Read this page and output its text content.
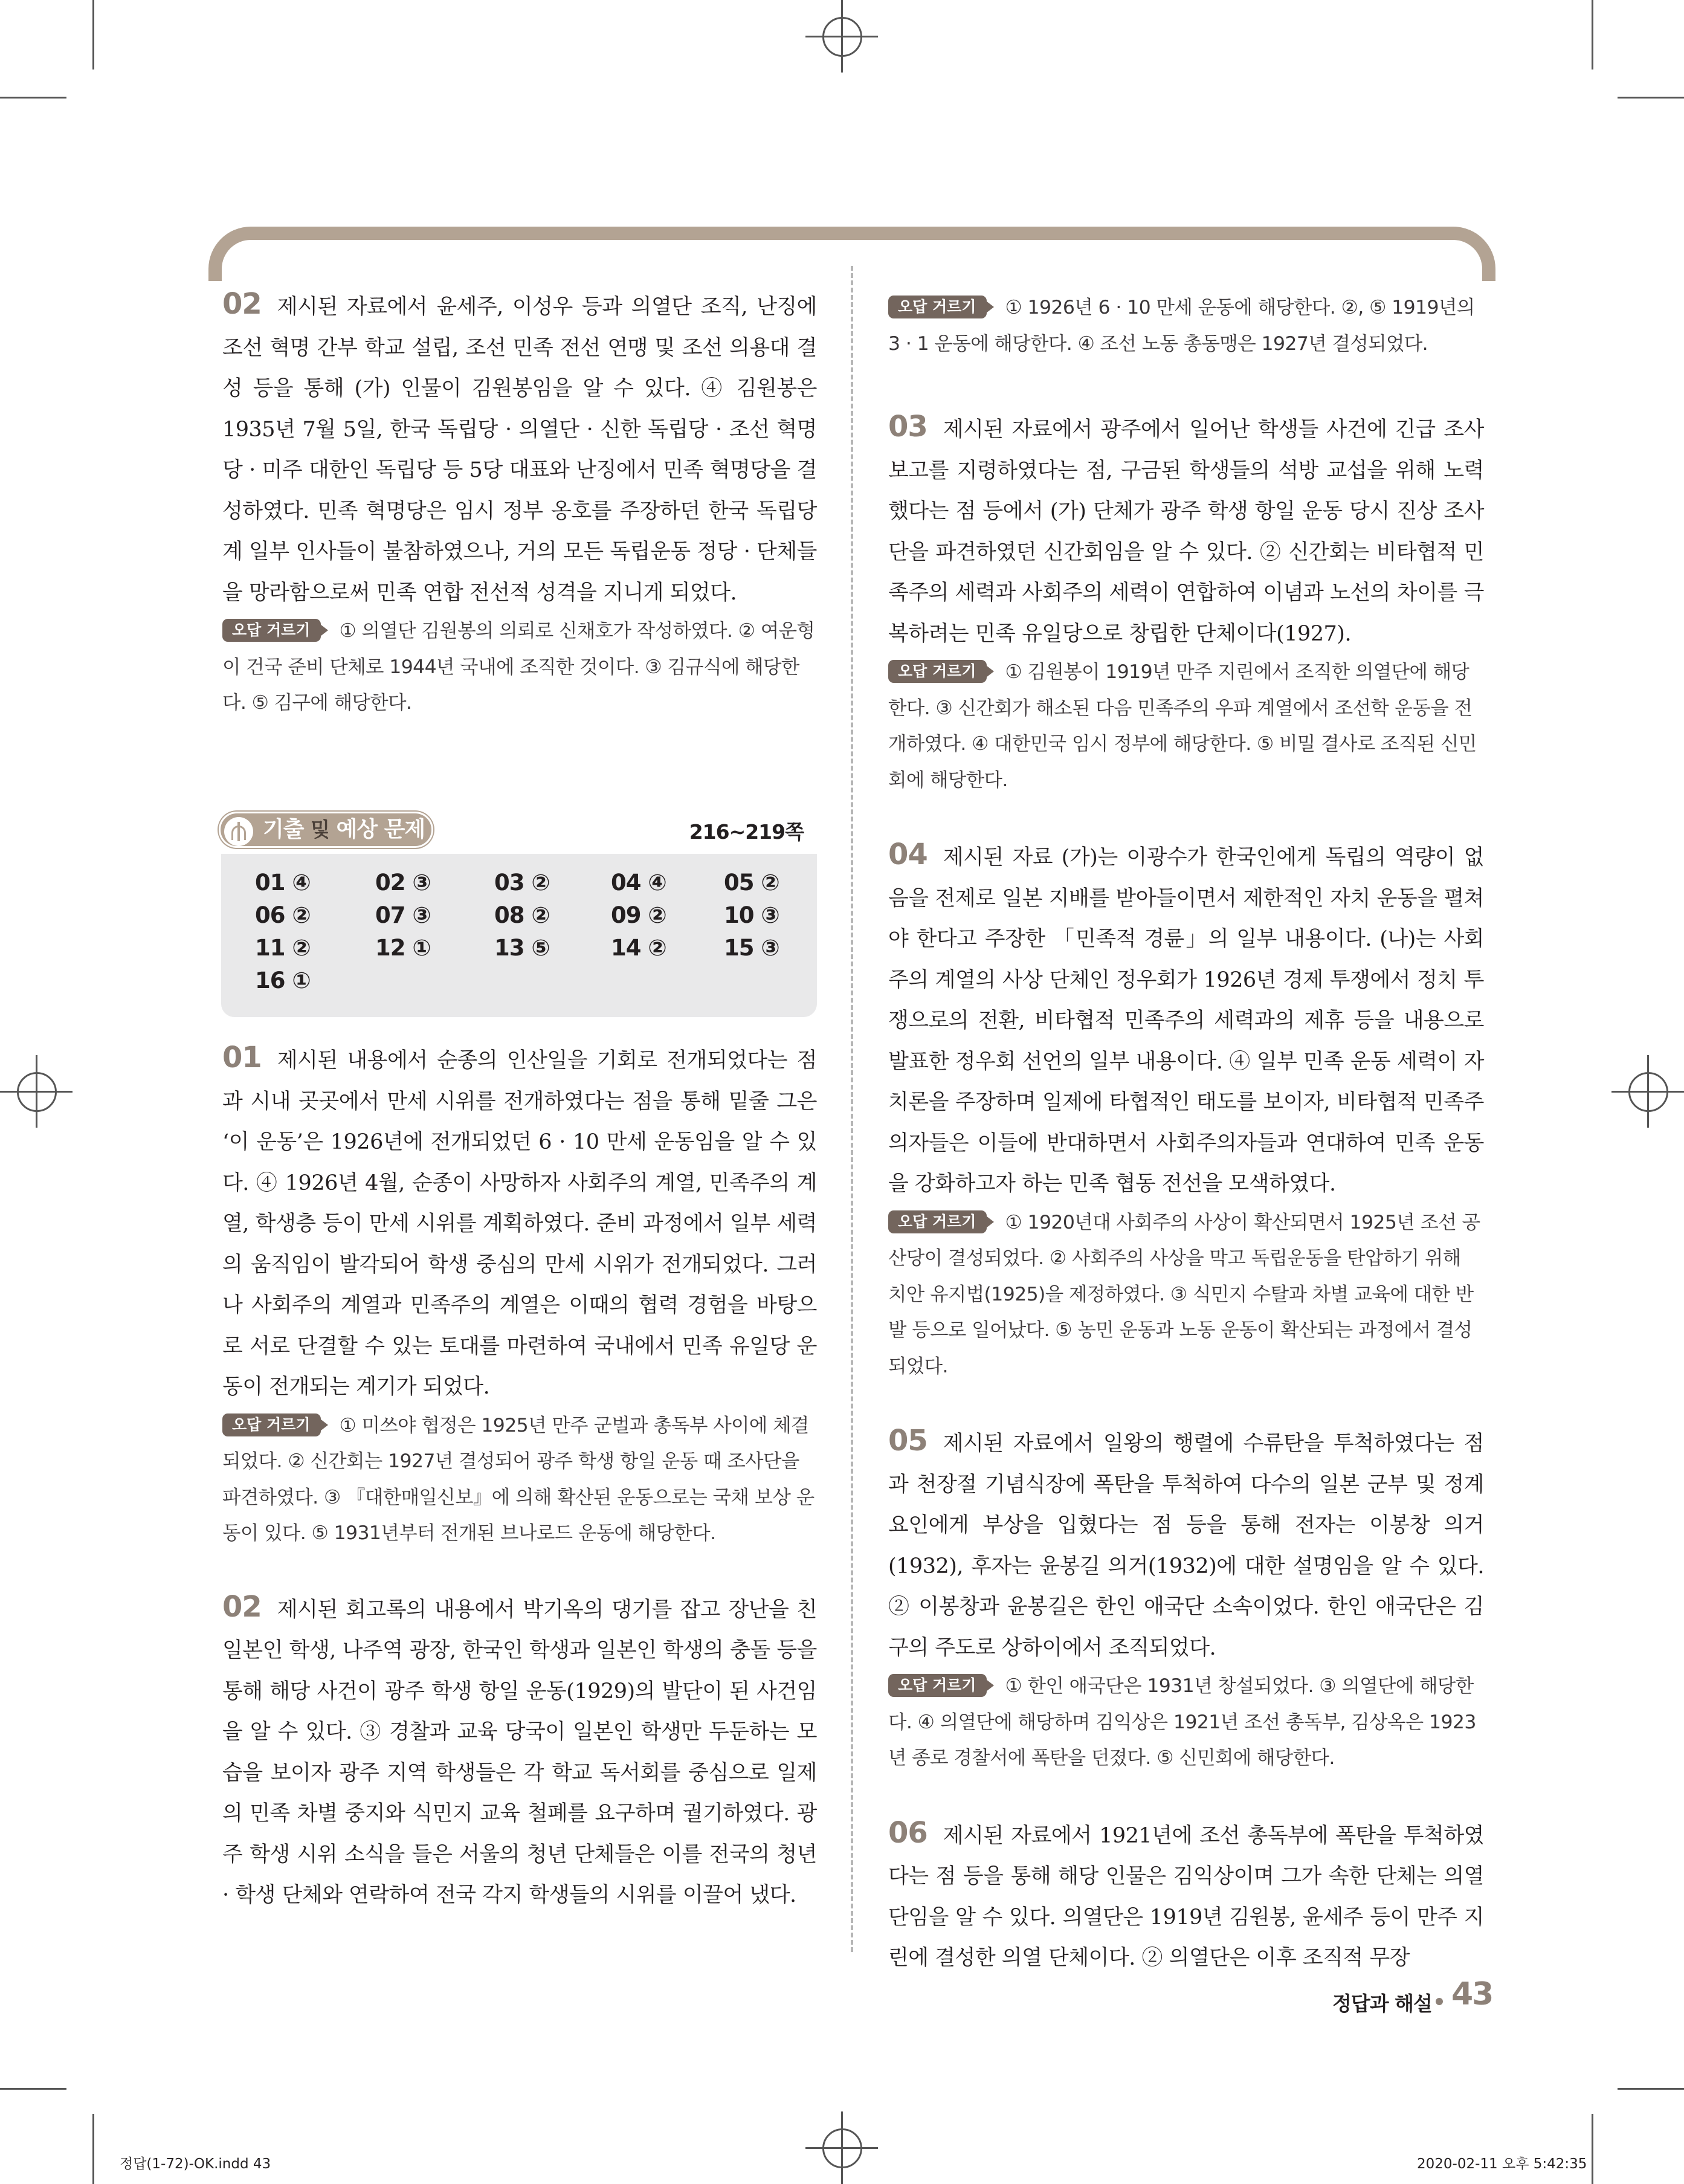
02 제시된 자료에서 윤세주, 이성우 등과 의열단 조직, 난징에 조선 혁명 간부 학교 설립, 조선 민족 전선 연맹 및 조선 의용대 결성 등을 통해 (가) 인물이 김원봉임을 알 수 있다. ④ 김원봉은 1935년 7월 5일, 한국 독립당 · 의열단 · 신한 독립당 · 조선 혁명당 · 미주 대한인 독립당 등 5당 대표와 난징에서 민족 혁명당을 결성하였다. 민족 혁명당은 임시 정부 옹호를 주장하던 한국 독립당계 일부 인사들이 불참하였으나, 거의 모든 독립운동 정당 · 단체들을 망라함으로써 민족 연합 전선적 성격을 지니게 되었다.

오답 거르기 ① 의열단 김원봉의 의뢰로 신채호가 작성하였다. ② 여운형이 건국 준비 단체로 1944년 국내에 조직한 것이다. ③ 김규식에 해당한다. ⑤ 김구에 해당한다.

기출 및 예상 문제	216~219쪽
01 ④	02 ③	03 ②	04 ④	05 ②
06 ②	07 ③	08 ②	09 ②	10 ③
11 ②	12 ①	13 ⑤	14 ②	15 ③
16 ①

01 제시된 내용에서 순종의 인산일을 기회로 전개되었다는 점과 시내 곳곳에서 만세 시위를 전개하였다는 점을 통해 밑줄 그은 ‘이 운동’은 1926년에 전개되었던 6 · 10 만세 운동임을 알 수 있다. ④ 1926년 4월, 순종이 사망하자 사회주의 계열, 민족주의 계열, 학생층 등이 만세 시위를 계획하였다. 준비 과정에서 일부 세력의 움직임이 발각되어 학생 중심의 만세 시위가 전개되었다. 그러나 사회주의 계열과 민족주의 계열은 이때의 협력 경험을 바탕으로 서로 단결할 수 있는 토대를 마련하여 국내에서 민족 유일당 운동이 전개되는 계기가 되었다.

오답 거르기 ① 미쓰야 협정은 1925년 만주 군벌과 총독부 사이에 체결되었다. ② 신간회는 1927년 결성되어 광주 학생 항일 운동 때 조사단을 파견하였다. ③ 『대한매일신보』에 의해 확산된 운동으로는 국채 보상 운동이 있다. ⑤ 1931년부터 전개된 브나로드 운동에 해당한다.

02 제시된 회고록의 내용에서 박기옥의 댕기를 잡고 장난을 친 일본인 학생, 나주역 광장, 한국인 학생과 일본인 학생의 충돌 등을 통해 해당 사건이 광주 학생 항일 운동(1929)의 발단이 된 사건임을 알 수 있다. ③ 경찰과 교육 당국이 일본인 학생만 두둔하는 모습을 보이자 광주 지역 학생들은 각 학교 독서회를 중심으로 일제의 민족 차별 중지와 식민지 교육 철폐를 요구하며 궐기하였다. 광주 학생 시위 소식을 들은 서울의 청년 단체들은 이를 전국의 청년 · 학생 단체와 연락하여 전국 각지 학생들의 시위를 이끌어 냈다.

오답 거르기 ① 1926년 6 · 10 만세 운동에 해당한다. ②, ⑤ 1919년의 3 · 1 운동에 해당한다. ④ 조선 노동 총동맹은 1927년 결성되었다.

03 제시된 자료에서 광주에서 일어난 학생들 사건에 긴급 조사 보고를 지령하였다는 점, 구금된 학생들의 석방 교섭을 위해 노력했다는 점 등에서 (가) 단체가 광주 학생 항일 운동 당시 진상 조사단을 파견하였던 신간회임을 알 수 있다. ② 신간회는 비타협적 민족주의 세력과 사회주의 세력이 연합하여 이념과 노선의 차이를 극복하려는 민족 유일당으로 창립한 단체이다(1927).

오답 거르기 ① 김원봉이 1919년 만주 지린에서 조직한 의열단에 해당한다. ③ 신간회가 해소된 다음 민족주의 우파 계열에서 조선학 운동을 전개하였다. ④ 대한민국 임시 정부에 해당한다. ⑤ 비밀 결사로 조직된 신민회에 해당한다.

04 제시된 자료 (가)는 이광수가 한국인에게 독립의 역량이 없음을 전제로 일본 지배를 받아들이면서 제한적인 자치 운동을 펼쳐야 한다고 주장한 「민족적 경륜」의 일부 내용이다. (나)는 사회주의 계열의 사상 단체인 정우회가 1926년 경제 투쟁에서 정치 투쟁으로의 전환, 비타협적 민족주의 세력과의 제휴 등을 내용으로 발표한 정우회 선언의 일부 내용이다. ④ 일부 민족 운동 세력이 자치론을 주장하며 일제에 타협적인 태도를 보이자, 비타협적 민족주의자들은 이들에 반대하면서 사회주의자들과 연대하여 민족 운동을 강화하고자 하는 민족 협동 전선을 모색하였다.

오답 거르기 ① 1920년대 사회주의 사상이 확산되면서 1925년 조선 공산당이 결성되었다. ② 사회주의 사상을 막고 독립운동을 탄압하기 위해 치안 유지법(1925)을 제정하였다. ③ 식민지 수탈과 차별 교육에 대한 반발 등으로 일어났다. ⑤ 농민 운동과 노동 운동이 확산되는 과정에서 결성되었다.

05 제시된 자료에서 일왕의 행렬에 수류탄을 투척하였다는 점과 천장절 기념식장에 폭탄을 투척하여 다수의 일본 군부 및 정계 요인에게 부상을 입혔다는 점 등을 통해 전자는 이봉창 의거(1932), 후자는 윤봉길 의거(1932)에 대한 설명임을 알 수 있다. ② 이봉창과 윤봉길은 한인 애국단 소속이었다. 한인 애국단은 김구의 주도로 상하이에서 조직되었다.

오답 거르기 ① 한인 애국단은 1931년 창설되었다. ③ 의열단에 해당한다. ④ 의열단에 해당하며 김익상은 1921년 조선 총독부, 김상옥은 1923년 종로 경찰서에 폭탄을 던졌다. ⑤ 신민회에 해당한다.

06 제시된 자료에서 1921년에 조선 총독부에 폭탄을 투척하였다는 점 등을 통해 해당 인물은 김익상이며 그가 속한 단체는 의열단임을 알 수 있다. 의열단은 1919년 김원봉, 윤세주 등이 만주 지린에 결성한 의열 단체이다. ② 의열단은 이후 조직적 무장

정답과 해설 43
정답(1-72)-OK.indd 43	2020-02-11 오후 5:42:35
